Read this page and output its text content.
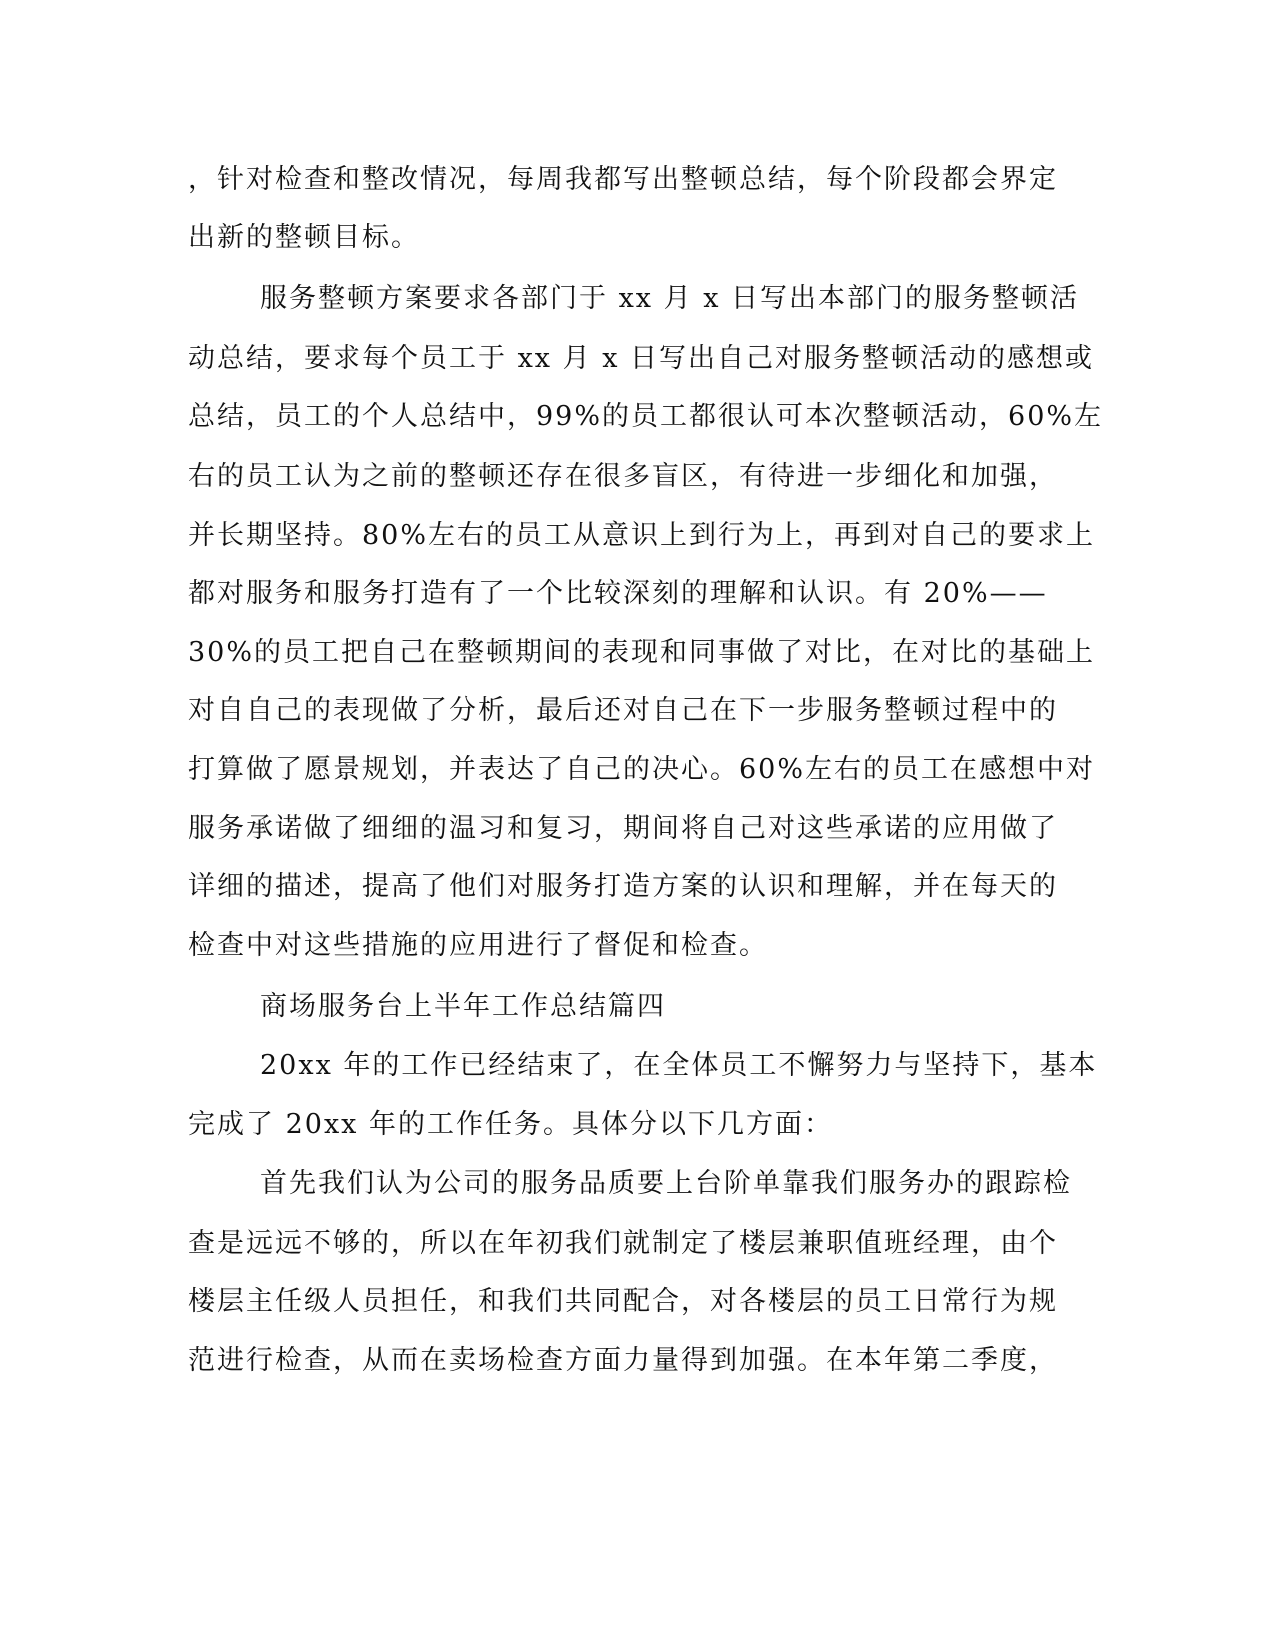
，针对检查和整改情况，每周我都写出整顿总结，每个阶段都会界定
出新的整顿目标。
服务整顿方案要求各部门于 xx 月 x 日写出本部门的服务整顿活
动总结，要求每个员工于 xx 月 x 日写出自己对服务整顿活动的感想或
总结，员工的个人总结中，99%的员工都很认可本次整顿活动，60%左
右的员工认为之前的整顿还存在很多盲区，有待进一步细化和加强，
并长期坚持。80%左右的员工从意识上到行为上，再到对自己的要求上
都对服务和服务打造有了一个比较深刻的理解和认识。有 20%——
30%的员工把自己在整顿期间的表现和同事做了对比，在对比的基础上
对自自己的表现做了分析，最后还对自己在下一步服务整顿过程中的
打算做了愿景规划，并表达了自己的决心。60%左右的员工在感想中对
服务承诺做了细细的温习和复习，期间将自己对这些承诺的应用做了
详细的描述，提高了他们对服务打造方案的认识和理解，并在每天的
检查中对这些措施的应用进行了督促和检查。
商场服务台上半年工作总结篇四
20xx 年的工作已经结束了，在全体员工不懈努力与坚持下，基本
完成了 20xx 年的工作任务。具体分以下几方面：
首先我们认为公司的服务品质要上台阶单靠我们服务办的跟踪检
查是远远不够的，所以在年初我们就制定了楼层兼职值班经理，由个
楼层主任级人员担任，和我们共同配合，对各楼层的员工日常行为规
范进行检查，从而在卖场检查方面力量得到加强。在本年第二季度，
